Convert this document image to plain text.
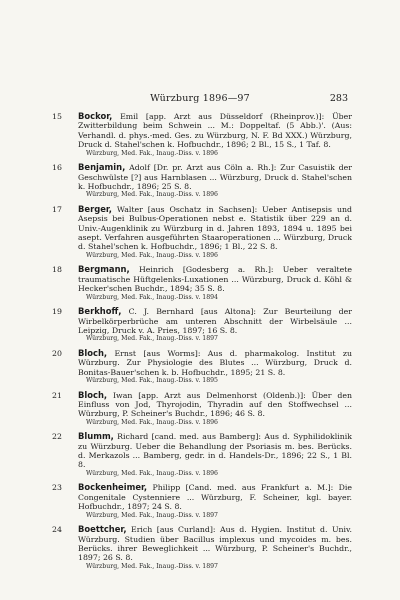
Würzburg 1896—97	283
15	Bockor, Emil [app. Arzt aus Düsseldorf (Rheinprov.)]: Über Zwitterbildung beim Schwein ... M.: Doppeltaf. (5 Abb.)'. (Aus: Verhandl. d. phys.-med. Ges. zu Würzburg, N. F. Bd XXX.) Würzburg, Druck d. Stahel'schen k. Hofbuchdr., 1896; 2 Bl., 15 S., 1 Taf. 8.
Würzburg, Med. Fak., Inaug.-Diss. v. 1896
16	Benjamin, Adolf [Dr. pr. Arzt aus Cöln a. Rh.]: Zur Casuistik der Geschwülste [?] aus Harnblasen ... Würzburg, Druck d. Stahel'schen k. Hofbuchdr., 1896; 25 S. 8.
Würzburg, Med. Fak., Inaug.-Diss. v. 1896
17	Berger, Walter [aus Oschatz in Sachsen]: Ueber Antisepsis und Asepsis bei Bulbus-Operationen nebst e. Statistik über 229 an d. Univ.-Augenklinik zu Würzburg in d. Jahren 1893, 1894 u. 1895 bei asept. Verfahren ausgeführten Staaroperationen ... Würzburg, Druck d. Stahel'schen k. Hofbuchdr., 1896; 1 Bl., 22 S. 8.
Würzburg, Med. Fak., Inaug.-Diss. v. 1896
18	Bergmann, Heinrich [Godesberg a. Rh.]: Ueber veraltete traumatische Hüftgelenks-Luxationen ... Würzburg, Druck d. Köhl & Hecker'schen Buchdr., 1894; 35 S. 8.
Würzburg, Med. Fak., Inaug.-Diss. v. 1894
19	Berkhoff, C. J. Bernhard [aus Altona]: Zur Beurteilung der Wirbelkörperbrüche am unteren Abschnitt der Wirbelsäule ... Leipzig, Druck v. A. Pries, 1897; 16 S. 8.
Würzburg, Med. Fak., Inaug.-Diss. v. 1897
20	Bloch, Ernst [aus Worms]: Aus d. pharmakolog. Institut zu Würzburg. Zur Physiologie des Blutes ... Würzburg, Druck d. Bonitas-Bauer'schen k. b. Hofbuchdr., 1895; 21 S. 8.
Würzburg, Med. Fak., Inaug.-Diss. v. 1895
21	Bloch, Iwan [app. Arzt aus Delmenhorst (Oldenb.)]: Über den Einfluss von Jod, Thyrojodin, Thyradin auf den Stoffwechsel ... Würzburg, P. Scheiner's Buchdr., 1896; 46 S. 8.
Würzburg, Med. Fak., Inaug.-Diss. v. 1896
22	Blumm, Richard [cand. med. aus Bamberg]: Aus d. Syphilidoklinik zu Würzburg. Ueber die Behandlung der Psoriasis m. bes. Berücks. d. Merkazols ... Bamberg, gedr. in d. Handels-Dr., 1896; 22 S., 1 Bl. 8.
Würzburg, Med. Fak., Inaug.-Diss. v. 1896
23	Bockenheimer, Philipp [Cand. med. aus Frankfurt a. M.]: Die Congenitale Cystenniere ... Würzburg, F. Scheiner, kgl. bayer. Hofbuchdr., 1897; 24 S. 8.
Würzburg, Med. Fak., Inaug.-Diss. v. 1897
24	Boettcher, Erich [aus Curland]: Aus d. Hygien. Institut d. Univ. Würzburg. Studien über Bacillus implexus und mycoides m. bes. Berücks. ihrer Beweglichkeit ... Würzburg, P. Scheiner's Buchdr., 1897; 26 S. 8.
Würzburg, Med. Fak., Inaug.-Diss. v. 1897
